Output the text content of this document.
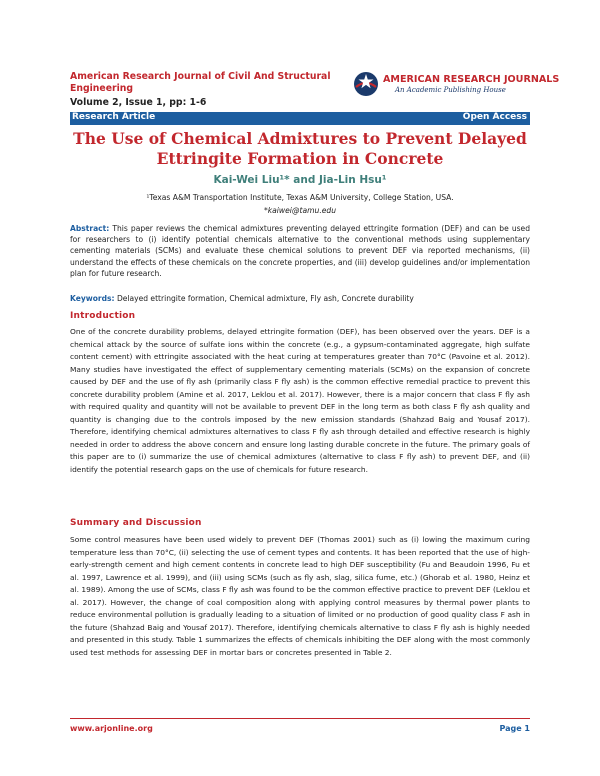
American Research Journal of Civil And Structural Engineering
Volume 2, Issue 1, pp: 1-6
AMERICAN RESEARCH JOURNALS
An Academic Publishing House
Research Article	Open Access
The Use of Chemical Admixtures to Prevent Delayed Ettringite Formation in Concrete
Kai-Wei Liu¹* and Jia-Lin Hsu¹
¹Texas A&M Transportation Institute, Texas A&M University, College Station, USA.
*kaiwei@tamu.edu
Abstract: This paper reviews the chemical admixtures preventing delayed ettringite formation (DEF) and can be used for researchers to (i) identify potential chemicals alternative to the conventional methods using supplementary cementing materials (SCMs) and evaluate these chemical solutions to prevent DEF via reported mechanisms, (ii) understand the effects of these chemicals on the concrete properties, and (iii) develop guidelines and/or implementation plan for future research.
Keywords: Delayed ettringite formation, Chemical admixture, Fly ash, Concrete durability
Introduction
One of the concrete durability problems, delayed ettringite formation (DEF), has been observed over the years. DEF is a chemical attack by the source of sulfate ions within the concrete (e.g., a gypsum-contaminated aggregate, high sulfate content cement) with ettringite associated with the heat curing at temperatures greater than 70°C (Pavoine et al. 2012). Many studies have investigated the effect of supplementary cementing materials (SCMs) on the expansion of concrete caused by DEF and the use of fly ash (primarily class F fly ash) is the common effective remedial practice to prevent this concrete durability problem (Amine et al. 2017, Leklou et al. 2017). However, there is a major concern that class F fly ash with required quality and quantity will not be available to prevent DEF in the long term as both class F fly ash quality and quantity is changing due to the controls imposed by the new emission standards (Shahzad Baig and Yousaf 2017). Therefore, identifying chemical admixtures alternatives to class F fly ash through detailed and effective research is highly needed in order to address the above concern and ensure long lasting durable concrete in the future. The primary goals of this paper are to (i) summarize the use of chemical admixtures (alternative to class F fly ash) to prevent DEF, and (ii) identify the potential research gaps on the use of chemicals for future research.
Summary and Discussion
Some control measures have been used widely to prevent DEF (Thomas 2001) such as (i) lowing the maximum curing temperature less than 70°C, (ii) selecting the use of cement types and contents. It has been reported that the use of high-early-strength cement and high cement contents in concrete lead to high DEF susceptibility (Fu and Beaudoin 1996, Fu et al. 1997, Lawrence et al. 1999), and (iii) using SCMs (such as fly ash, slag, silica fume, etc.) (Ghorab et al. 1980, Heinz et al. 1989). Among the use of SCMs, class F fly ash was found to be the common effective practice to prevent DEF (Leklou et al. 2017). However, the change of coal composition along with applying control measures by thermal power plants to reduce environmental pollution is gradually leading to a situation of limited or no production of good quality class F ash in the future (Shahzad Baig and Yousaf 2017). Therefore, identifying chemicals alternative to class F fly ash is highly needed and presented in this study. Table 1 summarizes the effects of chemicals inhibiting the DEF along with the most commonly used test methods for assessing DEF in mortar bars or concretes presented in Table 2.
www.arjonline.org	Page 1
